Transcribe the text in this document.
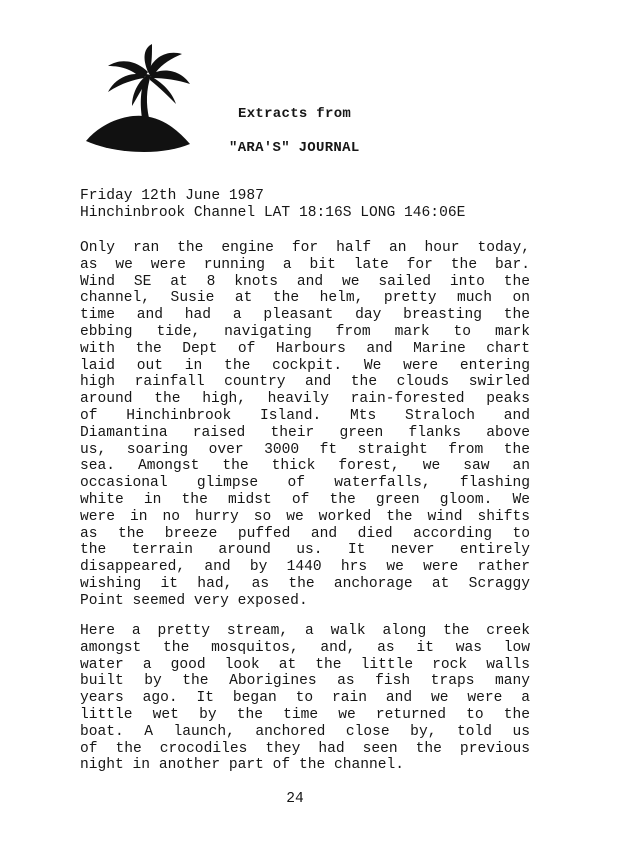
Extracts from
"ARA'S" JOURNAL
Friday 12th June 1987
Hinchinbrook Channel LAT 18:16S LONG 146:06E
Only ran the engine for half an hour today,
as we were running a bit late for the bar.
Wind SE at 8 knots and we sailed into the
channel, Susie at the helm, pretty much on
time and had a pleasant day breasting the
ebbing tide, navigating from mark to mark
with the Dept of Harbours and Marine chart
laid out in the cockpit. We were entering
high rainfall country and the clouds swirled
around the high, heavily rain-forested peaks
of Hinchinbrook Island. Mts Straloch and
Diamantina raised their green flanks above
us, soaring over 3000 ft straight from the
sea. Amongst the thick forest, we saw an
occasional glimpse of waterfalls, flashing
white in the midst of the green gloom. We
were in no hurry so we worked the wind shifts
as the breeze puffed and died according to
the terrain around us. It never entirely
disappeared, and by 1440 hrs we were rather
wishing it had, as the anchorage at Scraggy
Point seemed very exposed.
Here a pretty stream, a walk along the creek
amongst the mosquitos, and, as it was low
water a good look at the little rock walls
built by the Aborigines as fish traps many
years ago. It began to rain and we were a
little wet by the time we returned to the
boat. A launch, anchored close by, told us
of the crocodiles they had seen the previous
night in another part of the channel.
24
